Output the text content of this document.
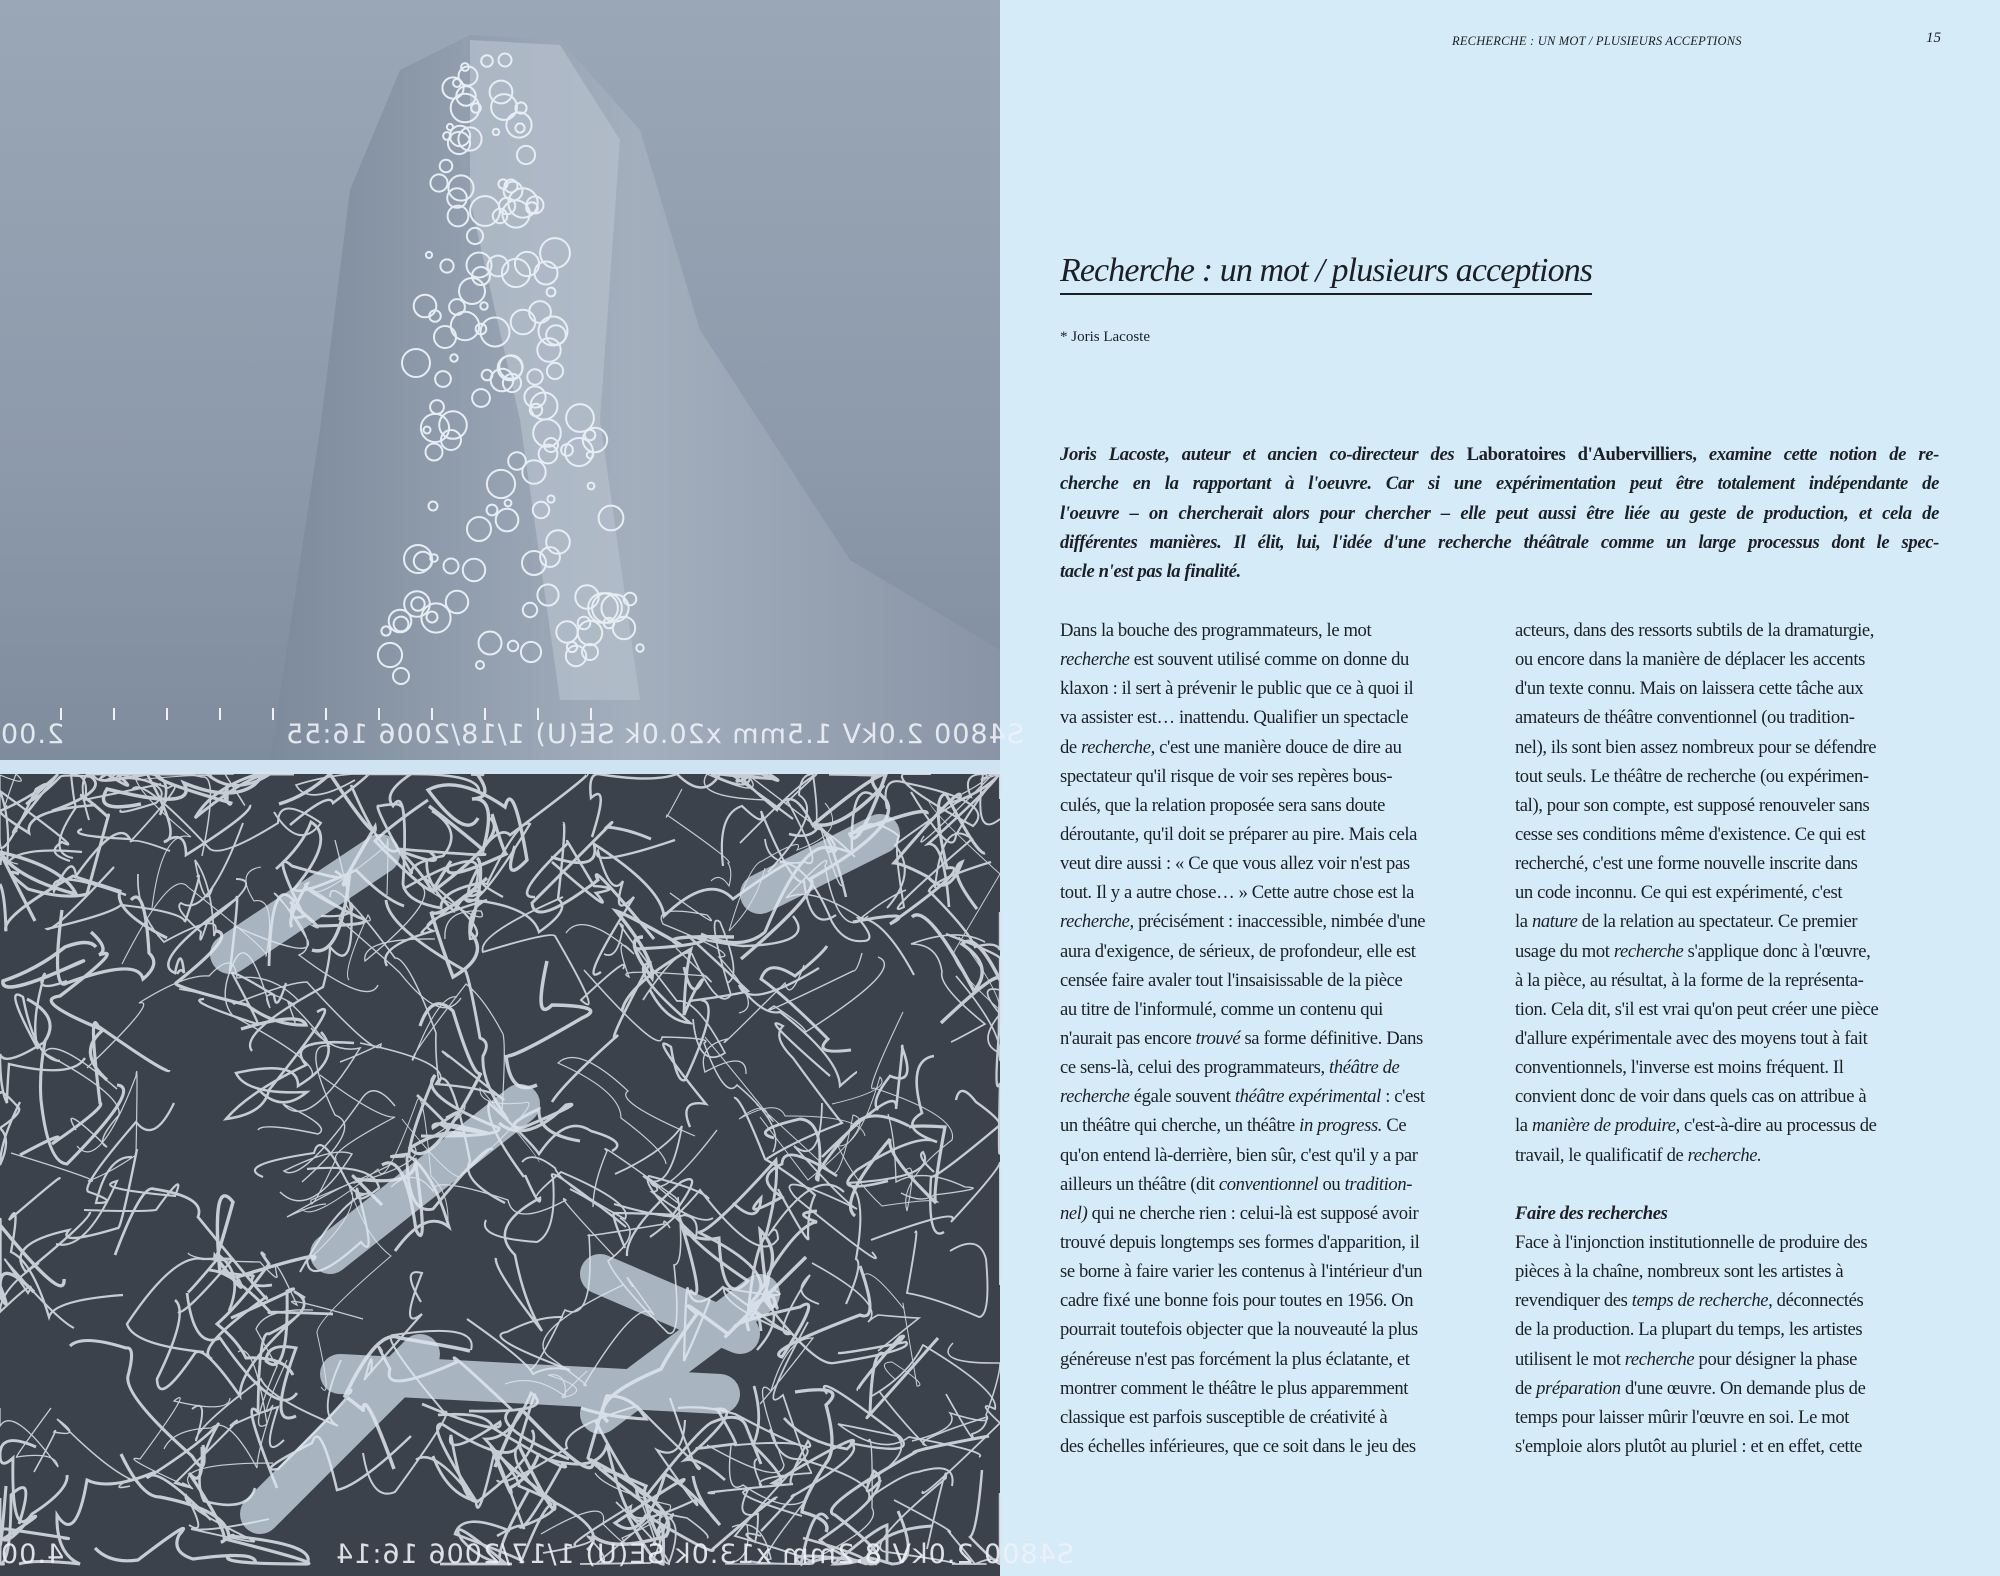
S4800 2.0kV 1.5mm x20.0k SE(U) 1/18/2006 16:55
2.00
S4800 2.0kV 8.2mm x13.0k SE(U) 1/17/2006 16:14
4.00
RECHERCHE : UN MOT / PLUSIEURS ACCEPTIONS	15
Recherche : un mot / plusieurs acceptions
* Joris Lacoste
Joris Lacoste, auteur et ancien co-directeur des Laboratoires d'Aubervilliers, examine cette notion de re-
cherche en la rapportant à l'oeuvre. Car si une expérimentation peut être totalement indépendante de
l'oeuvre – on chercherait alors pour chercher – elle peut aussi être liée au geste de production, et cela de
différentes manières. Il élit, lui, l'idée d'une recherche théâtrale comme un large processus dont le spec-
tacle n'est pas la finalité.
Dans la bouche des programmateurs, le mot
recherche est souvent utilisé comme on donne du
klaxon : il sert à prévenir le public que ce à quoi il
va assister est… inattendu. Qualifier un spectacle
de recherche, c'est une manière douce de dire au
spectateur qu'il risque de voir ses repères bous-
culés, que la relation proposée sera sans doute
déroutante, qu'il doit se préparer au pire. Mais cela
veut dire aussi : « Ce que vous allez voir n'est pas
tout. Il y a autre chose… » Cette autre chose est la
recherche, précisément : inaccessible, nimbée d'une
aura d'exigence, de sérieux, de profondeur, elle est
censée faire avaler tout l'insaisissable de la pièce
au titre de l'informulé, comme un contenu qui
n'aurait pas encore trouvé sa forme définitive. Dans
ce sens-là, celui des programmateurs, théâtre de
recherche égale souvent théâtre expérimental : c'est
un théâtre qui cherche, un théâtre in progress. Ce
qu'on entend là-derrière, bien sûr, c'est qu'il y a par
ailleurs un théâtre (dit conventionnel ou tradition-
nel) qui ne cherche rien : celui-là est supposé avoir
trouvé depuis longtemps ses formes d'apparition, il
se borne à faire varier les contenus à l'intérieur d'un
cadre fixé une bonne fois pour toutes en 1956. On
pourrait toutefois objecter que la nouveauté la plus
généreuse n'est pas forcément la plus éclatante, et
montrer comment le théâtre le plus apparemment
classique est parfois susceptible de créativité à
des échelles inférieures, que ce soit dans le jeu des
acteurs, dans des ressorts subtils de la dramaturgie,
ou encore dans la manière de déplacer les accents
d'un texte connu. Mais on laissera cette tâche aux
amateurs de théâtre conventionnel (ou tradition-
nel), ils sont bien assez nombreux pour se défendre
tout seuls. Le théâtre de recherche (ou expérimen-
tal), pour son compte, est supposé renouveler sans
cesse ses conditions même d'existence. Ce qui est
recherché, c'est une forme nouvelle inscrite dans
un code inconnu. Ce qui est expérimenté, c'est
la nature de la relation au spectateur. Ce premier
usage du mot recherche s'applique donc à l'œuvre,
à la pièce, au résultat, à la forme de la représenta-
tion. Cela dit, s'il est vrai qu'on peut créer une pièce
d'allure expérimentale avec des moyens tout à fait
conventionnels, l'inverse est moins fréquent. Il
convient donc de voir dans quels cas on attribue à
la manière de produire, c'est-à-dire au processus de
travail, le qualificatif de recherche.

Faire des recherches
Face à l'injonction institutionnelle de produire des
pièces à la chaîne, nombreux sont les artistes à
revendiquer des temps de recherche, déconnectés
de la production. La plupart du temps, les artistes
utilisent le mot recherche pour désigner la phase
de préparation d'une œuvre. On demande plus de
temps pour laisser mûrir l'œuvre en soi. Le mot
s'emploie alors plutôt au pluriel : et en effet, cette
